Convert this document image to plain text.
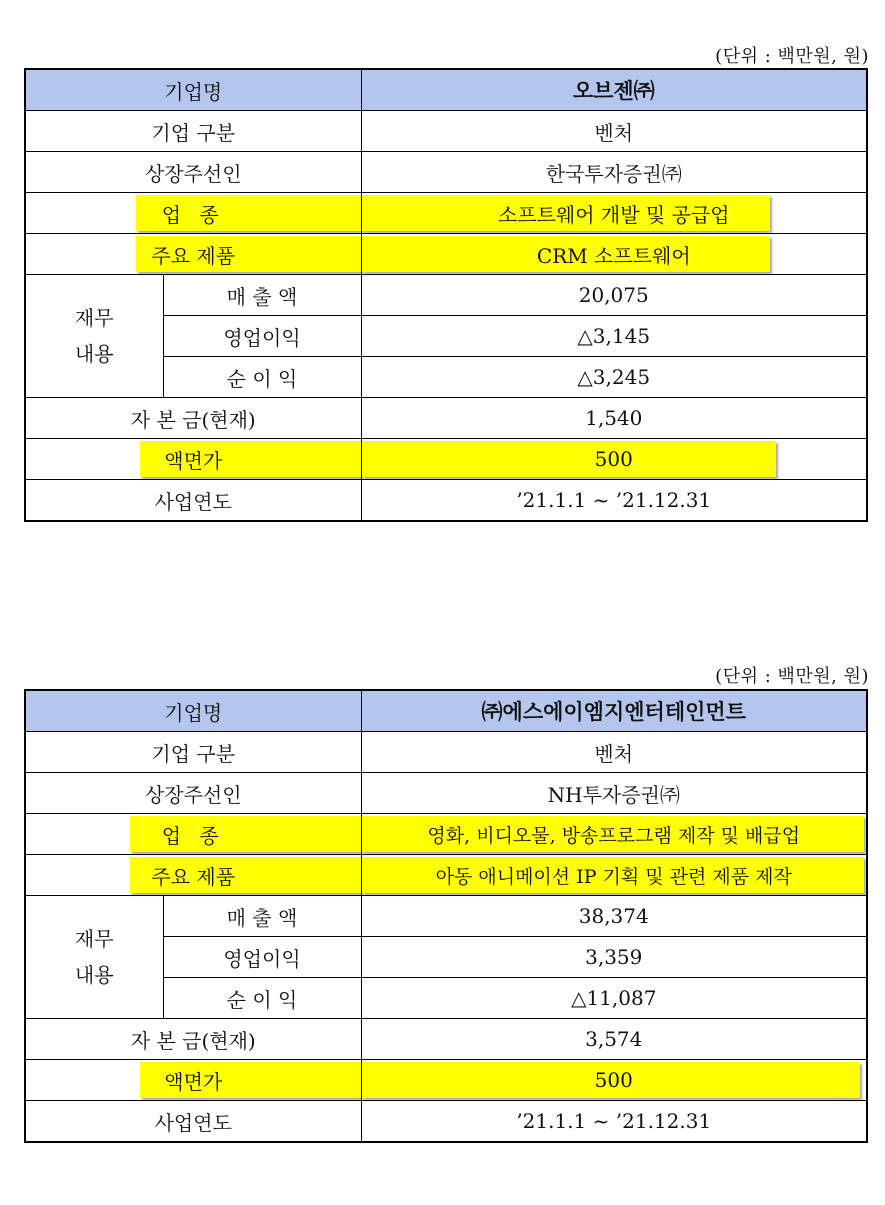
(단위 : 백만원, 원)
기업명		오브젠㈜
기업 구분		벤처
상장주선인		한국투자증권㈜

업 종		소프트웨어 개발 및 공급업

주요 제품		CRM 소프트웨어
재무
내용	매 출 액	20,075
	영업이익	△3,145
	순 이 익	△3,245
자 본 금(현재)		1,540

액면가		500
사업연도		’21.1.1 ~ ’21.12.31
(단위 : 백만원, 원)
기업명		㈜에스에이엠지엔터테인먼트
기업 구분		벤처
상장주선인		NH투자증권㈜

업 종		영화, 비디오물, 방송프로그램 제작 및 배급업

주요 제품		아동 애니메이션 IP 기획 및 관련 제품 제작
재무
내용	매 출 액	38,374
	영업이익	3,359
	순 이 익	△11,087
자 본 금(현재)		3,574

액면가		500
사업연도		’21.1.1 ~ ’21.12.31
